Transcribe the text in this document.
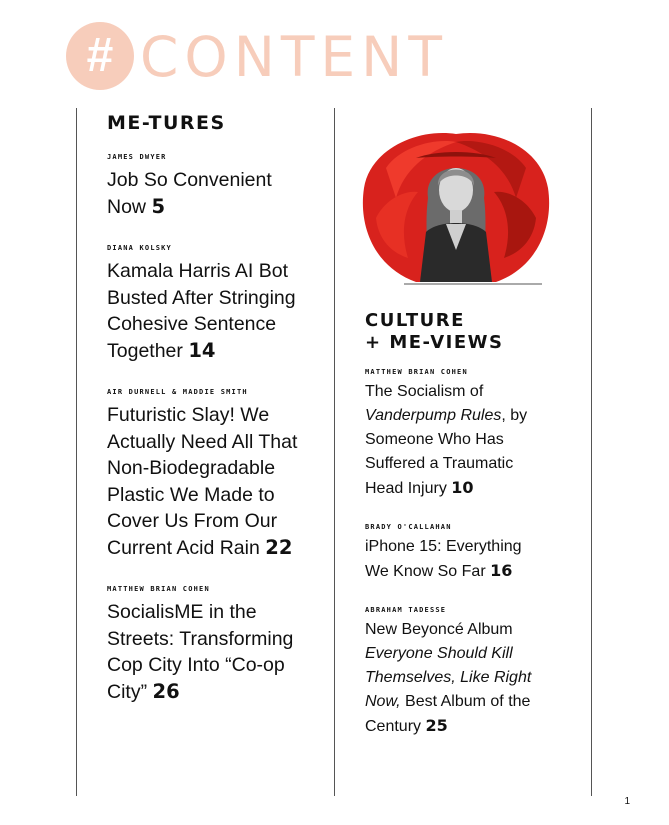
# CONTENT
ME-TURES

JAMES DWYER

Job So Convenient Now 5

DIANA KOLSKY

Kamala Harris AI Bot Busted After Stringing Cohesive Sentence Together 14

AIR DURNELL & MADDIE SMITH

Futuristic Slay! We Actually Need All That Non-Biodegradable Plastic We Made to Cover Us From Our Current Acid Rain 22

MATTHEW BRIAN COHEN

SocialisME in the Streets: Transforming Cop City Into “Co-op City” 26

CULTURE
+ ME-VIEWS

MATTHEW BRIAN COHEN

The Socialism of Vanderpump Rules, by Someone Who Has Suffered a Traumatic Head Injury 10

BRADY O'CALLAHAN

iPhone 15: Everything We Know So Far 16

ABRAHAM TADESSE

New Beyoncé Album Everyone Should Kill Themselves, Like Right Now, Best Album of the Century 25

1
